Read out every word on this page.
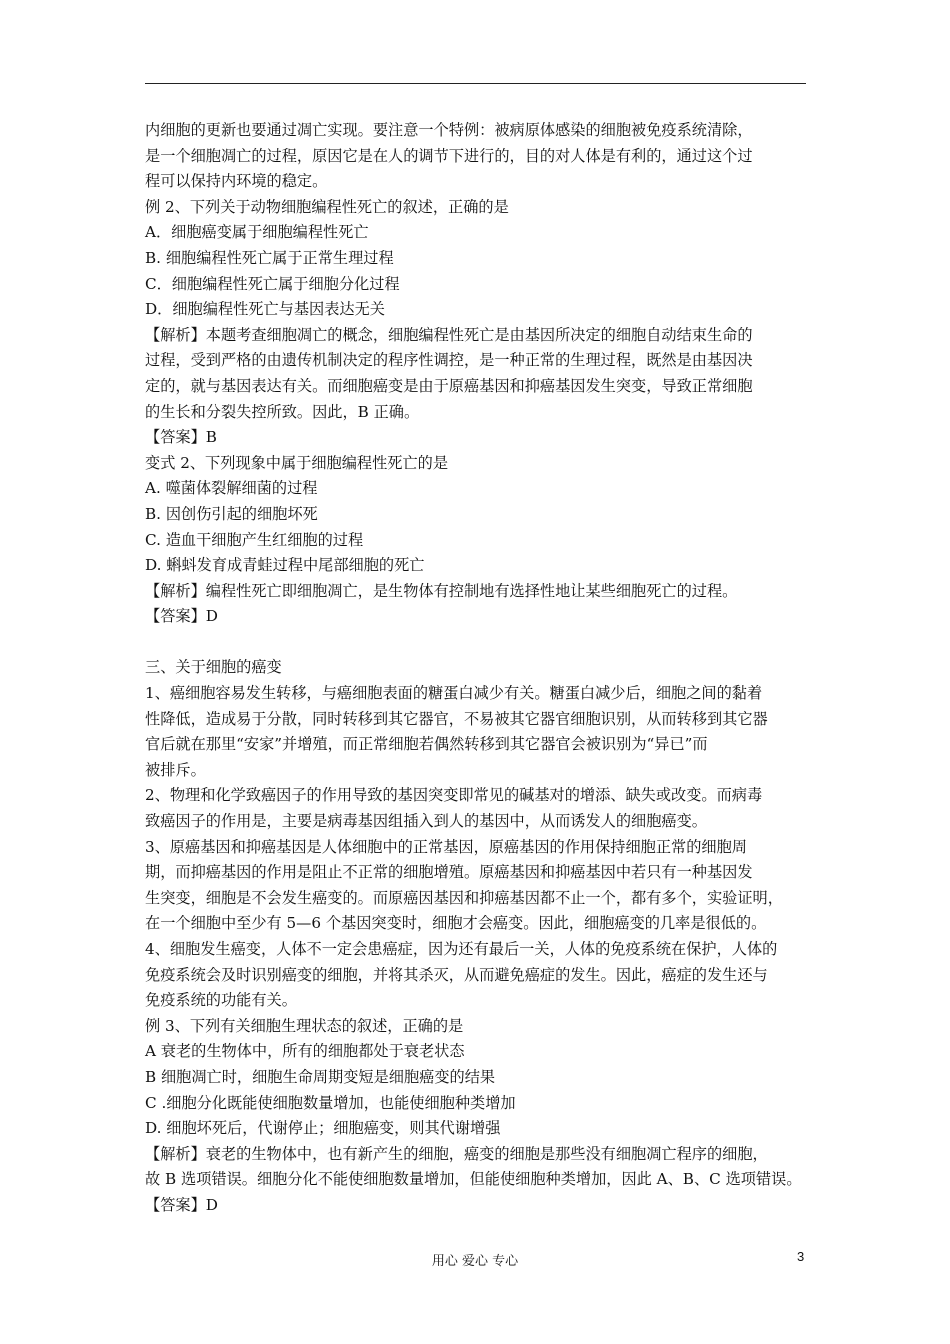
内细胞的更新也要通过凋亡实现。要注意一个特例：被病原体感染的细胞被免疫系统清除，

是一个细胞凋亡的过程，原因它是在人的调节下进行的，目的对人体是有利的，通过这个过

程可以保持内环境的稳定。

例 2、下列关于动物细胞编程性死亡的叙述，正确的是

A．细胞癌变属于细胞编程性死亡

B. 细胞编程性死亡属于正常生理过程

C．细胞编程性死亡属于细胞分化过程

D．细胞编程性死亡与基因表达无关

【解析】本题考查细胞凋亡的概念，细胞编程性死亡是由基因所决定的细胞自动结束生命的

过程，受到严格的由遗传机制决定的程序性调控，是一种正常的生理过程，既然是由基因决

定的，就与基因表达有关。而细胞癌变是由于原癌基因和抑癌基因发生突变，导致正常细胞

的生长和分裂失控所致。因此，B 正确。

【答案】B

变式 2、下列现象中属于细胞编程性死亡的是

A. 噬菌体裂解细菌的过程

B. 因创伤引起的细胞坏死

C. 造血干细胞产生红细胞的过程

D. 蝌蚪发育成青蛙过程中尾部细胞的死亡

【解析】编程性死亡即细胞凋亡，是生物体有控制地有选择性地让某些细胞死亡的过程。

【答案】D

三、关于细胞的癌变

1、癌细胞容易发生转移，与癌细胞表面的糖蛋白减少有关。糖蛋白减少后，细胞之间的黏着

性降低，造成易于分散，同时转移到其它器官，不易被其它器官细胞识别，从而转移到其它器

官后就在那里“安家”并增殖，而正常细胞若偶然转移到其它器官会被识别为“异已”而

被排斥。

2、物理和化学致癌因子的作用导致的基因突变即常见的碱基对的增添、缺失或改变。而病毒

致癌因子的作用是，主要是病毒基因组插入到人的基因中，从而诱发人的细胞癌变。

3、原癌基因和抑癌基因是人体细胞中的正常基因，原癌基因的作用保持细胞正常的细胞周

期，而抑癌基因的作用是阻止不正常的细胞增殖。原癌基因和抑癌基因中若只有一种基因发

生突变，细胞是不会发生癌变的。而原癌因基因和抑癌基因都不止一个，都有多个，实验证明，

在一个细胞中至少有 5—6 个基因突变时，细胞才会癌变。因此，细胞癌变的几率是很低的。

4、细胞发生癌变，人体不一定会患癌症，因为还有最后一关，人体的免疫系统在保护，人体的

免疫系统会及时识别癌变的细胞，并将其杀灭，从而避免癌症的发生。因此，癌症的发生还与

免疫系统的功能有关。

例 3、下列有关细胞生理状态的叙述，正确的是

A 衰老的生物体中，所有的细胞都处于衰老状态

B 细胞凋亡时，细胞生命周期变短是细胞癌变的结果

C .细胞分化既能使细胞数量增加，也能使细胞种类增加

D. 细胞坏死后，代谢停止；细胞癌变，则其代谢增强

【解析】衰老的生物体中，也有新产生的细胞，癌变的细胞是那些没有细胞凋亡程序的细胞，

故 B 选项错误。细胞分化不能使细胞数量增加，但能使细胞种类增加，因此 A、B、C 选项错误。

【答案】D

用心 爱心 专心	3
